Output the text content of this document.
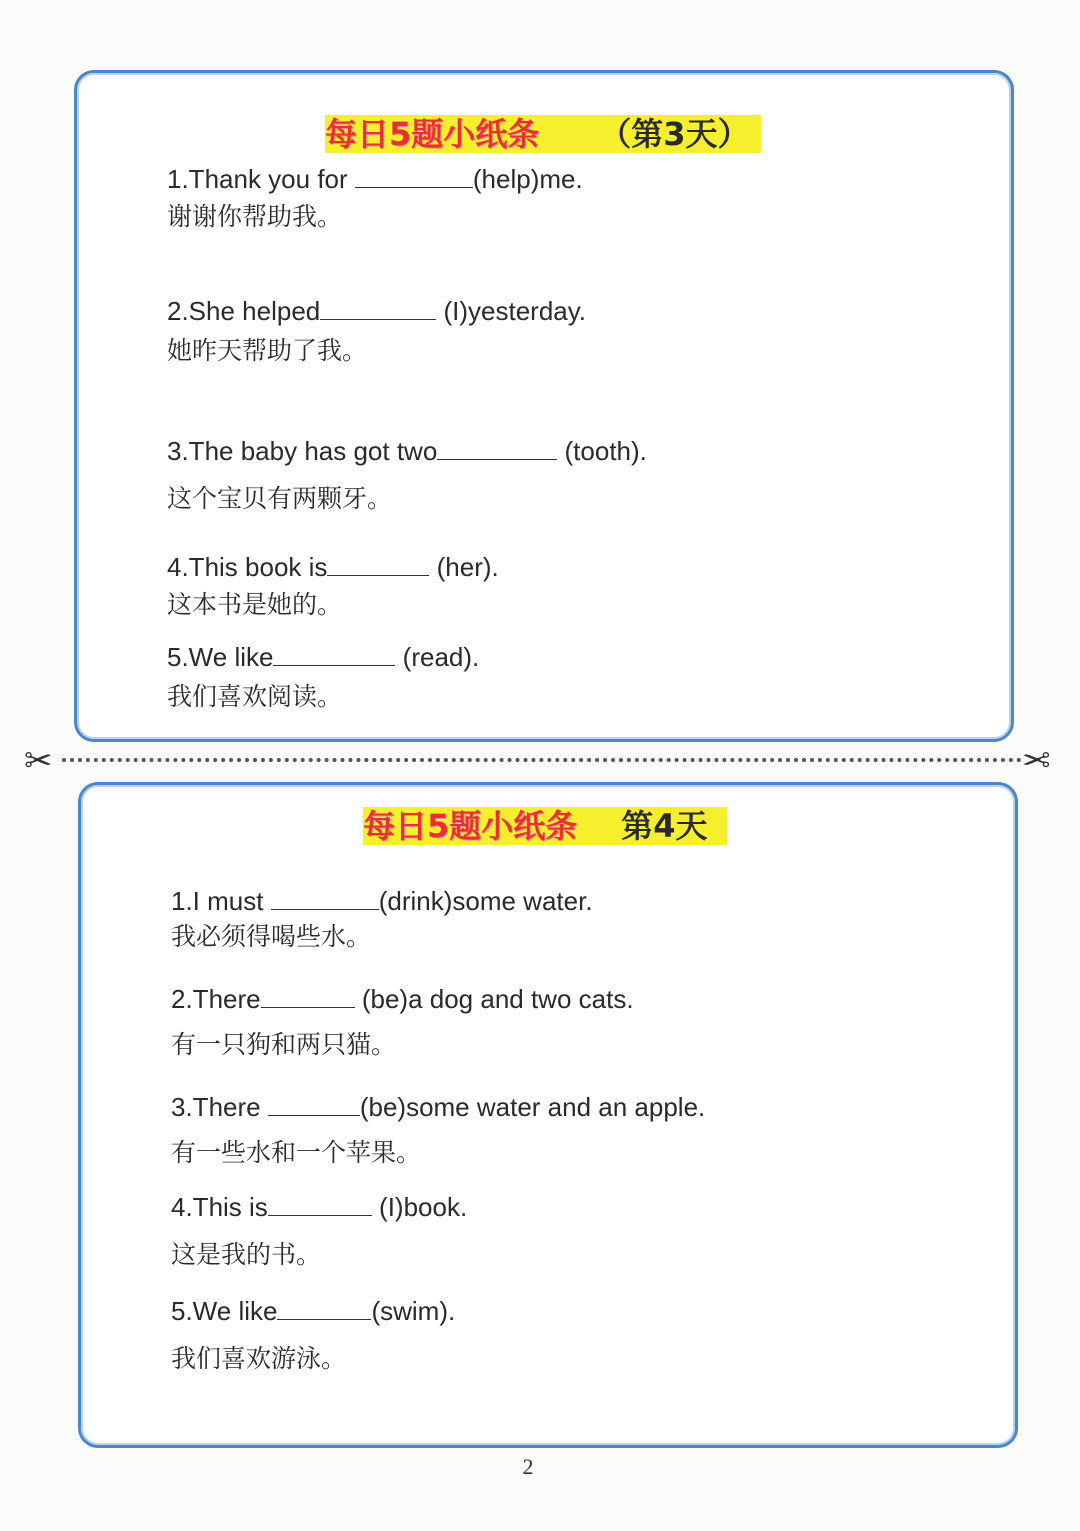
每日5题小纸条 （第3天）
1.Thank you for	(help)me.
谢谢你帮助我。
2.She helped	(I)yesterday.
她昨天帮助了我。
3.The baby has got two	(tooth).
这个宝贝有两颗牙。
4.This book is	(her).
这本书是她的。
5.We like	(read).
我们喜欢阅读。
✂	✂
每日5题小纸条 第4天
1.I must	(drink)some water.
我必须得喝些水。
2.There	(be)a dog and two cats.
有一只狗和两只猫。
3.There	(be)some water and an apple.
有一些水和一个苹果。
4.This is	(I)book.
这是我的书。
5.We like	(swim).
我们喜欢游泳。
2
